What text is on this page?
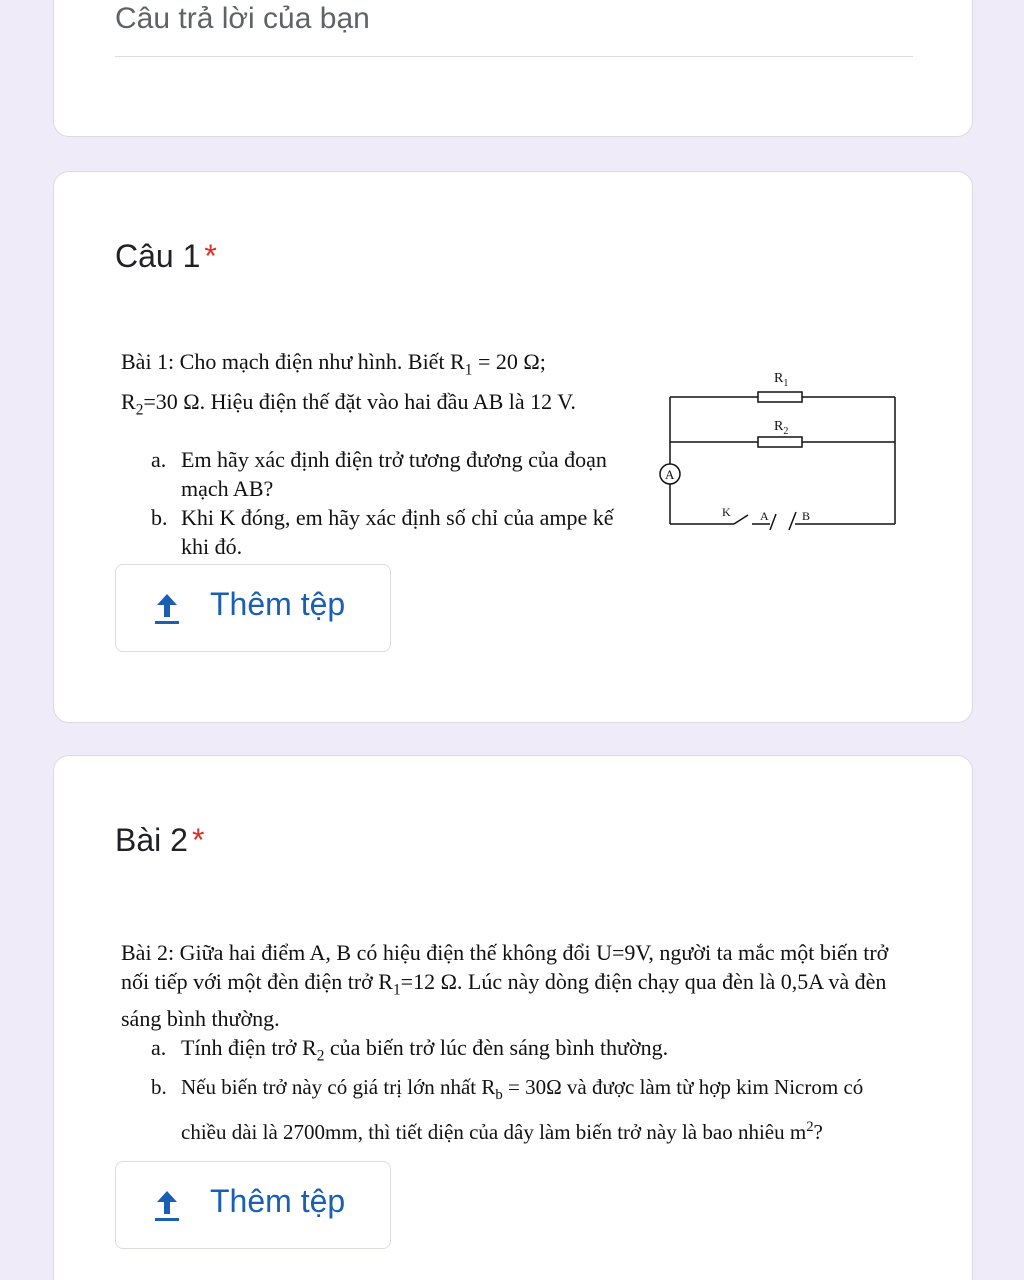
Câu trả lời của bạn
Câu 1 *
Bài 1: Cho mạch điện như hình. Biết $R_1 = 20$ Ω;
$R_2=30$ Ω. Hiệu điện thế đặt vào hai đầu AB là 12 V.
a. Em hãy xác định điện trở tương đương của đoạn mạch AB?
b. Khi K đóng, em hãy xác định số chỉ của ampe kế khi đó.
$R_1$
$R_2$
A
K A	B
Thêm tệp
Bài 2 *
Bài 2: Giữa hai điểm A, B có hiệu điện thế không đổi U=9V, người ta mắc một biến trở nối tiếp với một đèn điện trở $R_1=12$ Ω. Lúc này dòng điện chạy qua đèn là 0,5A và đèn sáng bình thường.
a. Tính điện trở $R_2$ của biến trở lúc đèn sáng bình thường.
b. Nếu biến trở này có giá trị lớn nhất $R_b = 30\Omega$ và được làm từ hợp kim Nicrom có chiều dài là 2700mm, thì tiết diện của dây làm biến trở này là bao nhiêu $m^2$?
Thêm tệp
